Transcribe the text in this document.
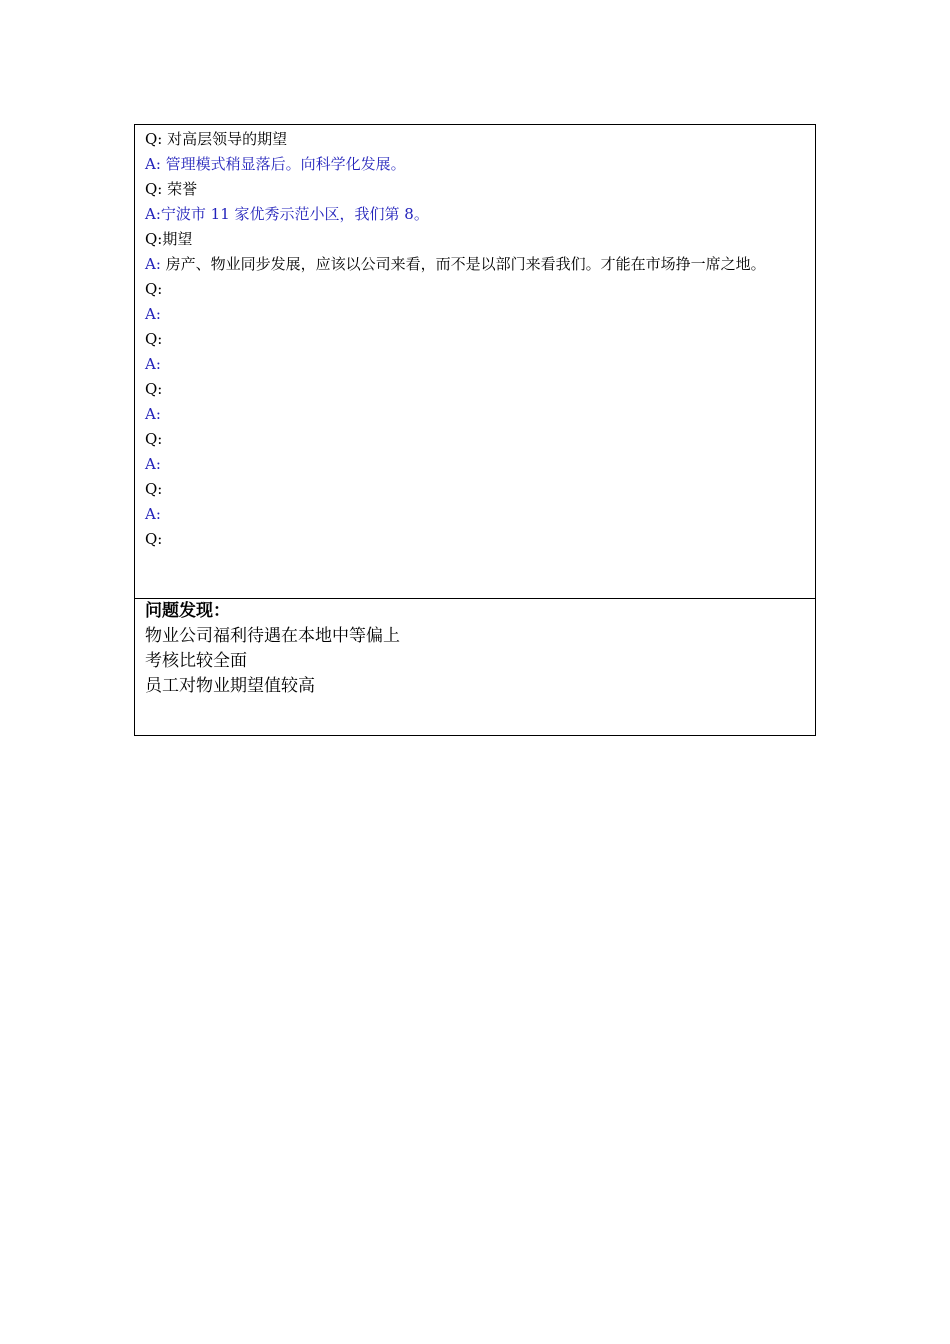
Q: 对高层领导的期望
A: 管理模式稍显落后。向科学化发展。
Q: 荣誉
A:宁波市 11 家优秀示范小区，我们第 8。
Q:期望
A: 房产、物业同步发展，应该以公司来看，而不是以部门来看我们。才能在市场挣一席之地。
Q:
A:
Q:
A:
Q:
A:
Q:
A:
Q:
A:
Q:
问题发现：
物业公司福利待遇在本地中等偏上
考核比较全面
员工对物业期望值较高
